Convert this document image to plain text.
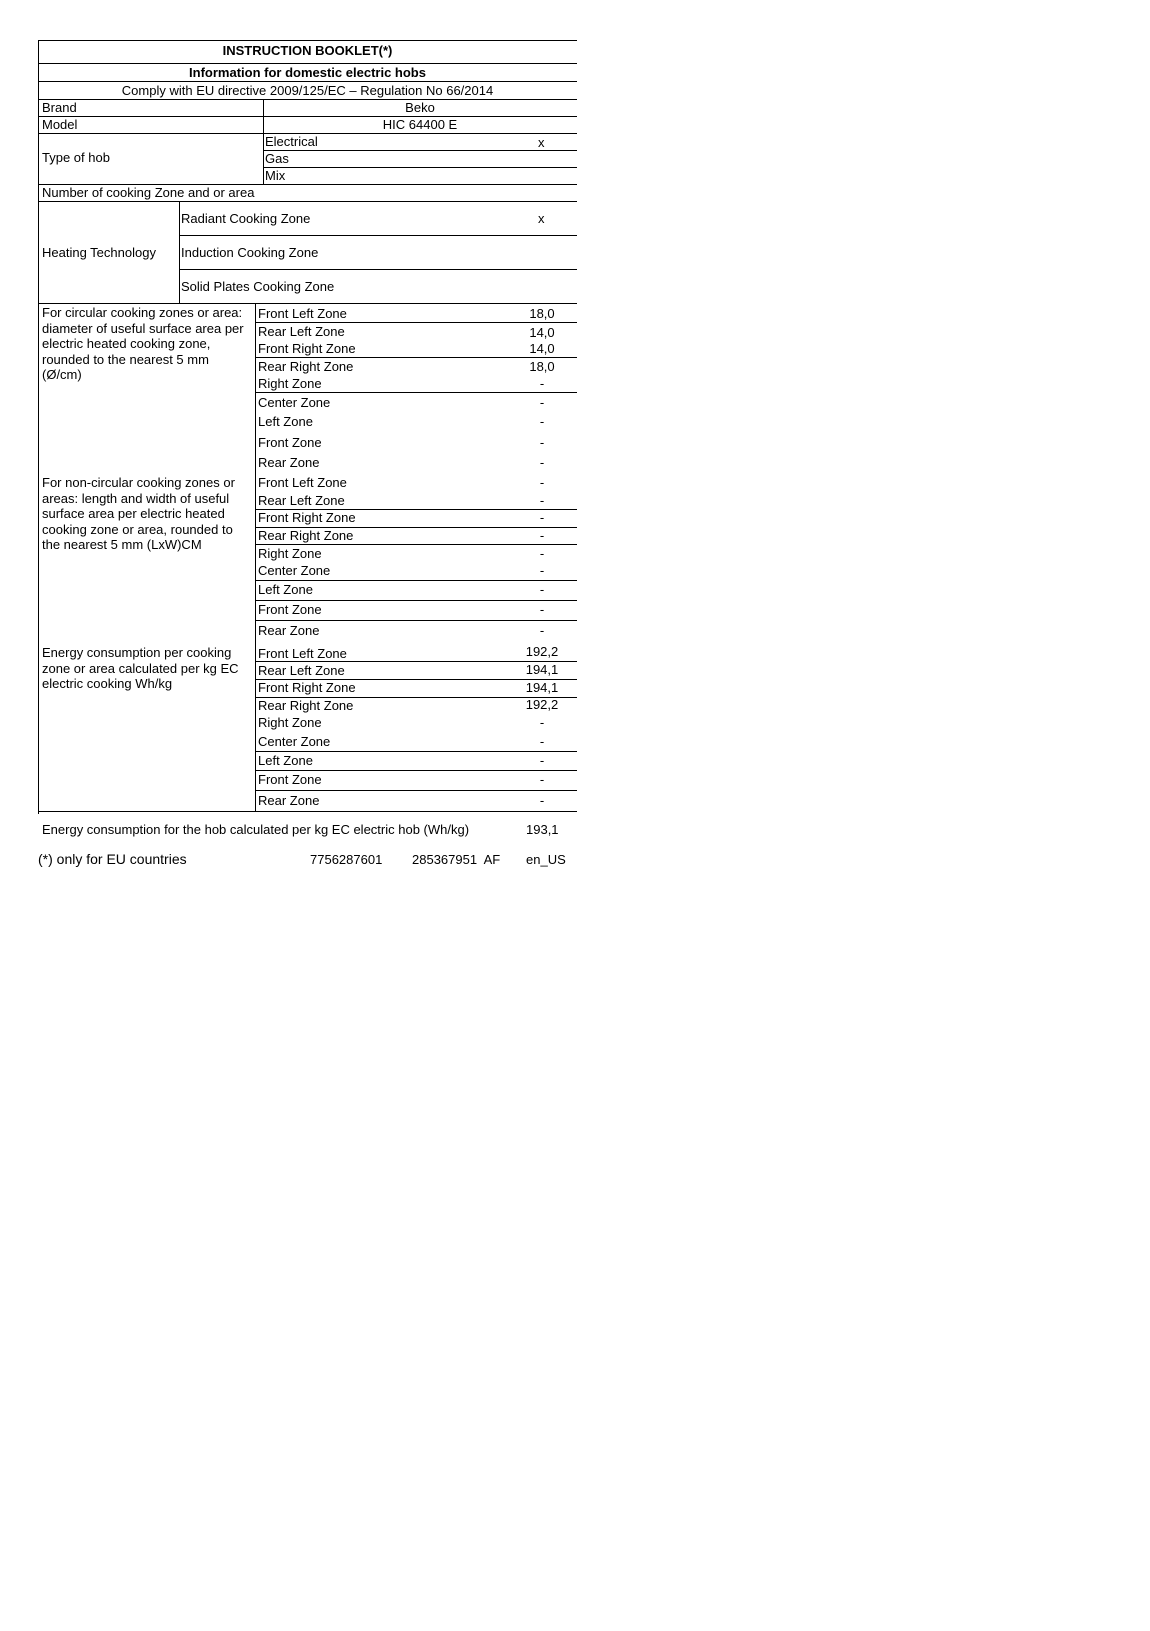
INSTRUCTION BOOKLET(*)
Information for domestic electric hobs
Comply with EU directive 2009/125/EC – Regulation No 66/2014
Brand	Beko
Model	HIC 64400 E
Type of hob
Electrical	x
Gas
Mix
Number of cooking Zone and or area
Heating Technology
Radiant Cooking Zone	x
Induction Cooking Zone
Solid Plates Cooking Zone
For circular cooking zones or area: diameter of useful surface area per electric heated cooking zone, rounded to the nearest 5 mm (Ø/cm)
Front Left Zone	18,0
Rear Left Zone	14,0
Front Right Zone	14,0
Rear Right Zone	18,0
Right Zone	-
Center Zone	-
Left Zone	-
Front Zone	-
Rear Zone	-
For non-circular cooking zones or areas: length and width of useful surface area per electric heated cooking zone or area, rounded to the nearest 5 mm (LxW)CM
Front Left Zone	-
Rear Left Zone	-
Front Right Zone	-
Rear Right Zone	-
Right Zone	-
Center Zone	-
Left Zone	-
Front Zone	-
Rear Zone	-
Energy consumption per cooking zone or area calculated per kg EC electric cooking Wh/kg
Front Left Zone	192,2
Rear Left Zone	194,1
Front Right Zone	194,1
Rear Right Zone	192,2
Right Zone	-
Center Zone	-
Left Zone	-
Front Zone	-
Rear Zone	-
Energy consumption for the hob calculated per kg EC electric hob (Wh/kg)	193,1
(*) only for EU countries	7756287601 285367951  AF en_US
